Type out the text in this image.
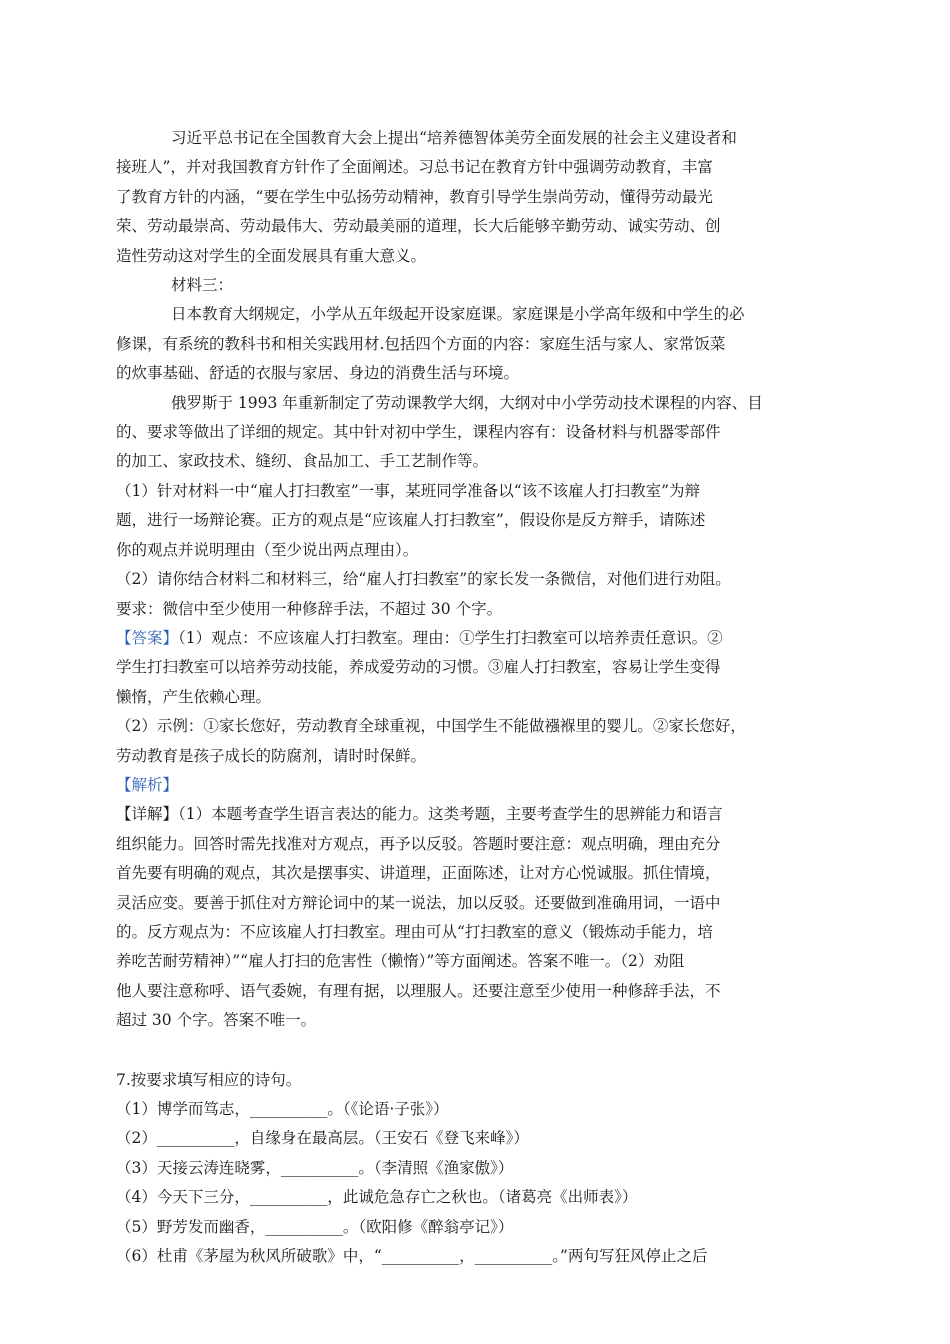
习近平总书记在全国教育大会上提出“培养德智体美劳全面发展的社会主义建设者和

接班人”，并对我国教育方针作了全面阐述。习总书记在教育方针中强调劳动教育，丰富

了教育方针的内涵，“要在学生中弘扬劳动精神，教育引导学生崇尚劳动，懂得劳动最光

荣、劳动最崇高、劳动最伟大、劳动最美丽的道理，长大后能够辛勤劳动、诚实劳动、创

造性劳动这对学生的全面发展具有重大意义。

材料三：

日本教育大纲规定，小学从五年级起开设家庭课。家庭课是小学高年级和中学生的必

修课，有系统的教科书和相关实践用材.包括四个方面的内容：家庭生活与家人、家常饭菜

的炊事基础、舒适的衣服与家居、身边的消费生活与环境。

俄罗斯于 1993 年重新制定了劳动课教学大纲，大纲对中小学劳动技术课程的内容、目

的、要求等做出了详细的规定。其中针对初中学生，课程内容有：设备材料与机器零部件

的加工、家政技术、缝纫、食品加工、手工艺制作等。

（1）针对材料一中“雇人打扫教室”一事，某班同学准备以“该不该雇人打扫教室”为辩

题，进行一场辩论赛。正方的观点是“应该雇人打扫教室”，假设你是反方辩手，请陈述

你的观点并说明理由（至少说出两点理由）。

（2）请你结合材料二和材料三，给“雇人打扫教室”的家长发一条微信，对他们进行劝阻。

要求：微信中至少使用一种修辞手法，不超过 30 个字。

【答案】（1）观点：不应该雇人打扫教室。理由：①学生打扫教室可以培养责任意识。②

学生打扫教室可以培养劳动技能，养成爱劳动的习惯。③雇人打扫教室，容易让学生变得

懒惰，产生依赖心理。

（2）示例：①家长您好，劳动教育全球重视，中国学生不能做襁褓里的婴儿。②家长您好，

劳动教育是孩子成长的防腐剂，请时时保鲜。

【解析】

【详解】（1）本题考查学生语言表达的能力。这类考题，主要考查学生的思辨能力和语言

组织能力。回答时需先找准对方观点，再予以反驳。答题时要注意：观点明确，理由充分

首先要有明确的观点，其次是摆事实、讲道理，正面陈述，让对方心悦诚服。抓住情境，

灵活应变。要善于抓住对方辩论词中的某一说法，加以反驳。还要做到准确用词，一语中

的。反方观点为：不应该雇人打扫教室。理由可从“打扫教室的意义（锻炼动手能力，培

养吃苦耐劳精神）”“雇人打扫的危害性（懒惰）”等方面阐述。答案不唯一。（2）劝阻

他人要注意称呼、语气委婉，有理有据，以理服人。还要注意至少使用一种修辞手法，不

超过 30 个字。答案不唯一。

7.按要求填写相应的诗句。

（1）博学而笃志，__________。（《论语·子张》）

（2）__________，自缘身在最高层。（王安石《登飞来峰》）

（3）天接云涛连晓雾，__________。（李清照《渔家傲》）

（4）今天下三分，__________，此诚危急存亡之秋也。（诸葛亮《出师表》）

（5）野芳发而幽香，__________。（欧阳修《醉翁亭记》）

（6）杜甫《茅屋为秋风所破歌》中，“__________，__________。”两句写狂风停止之后
